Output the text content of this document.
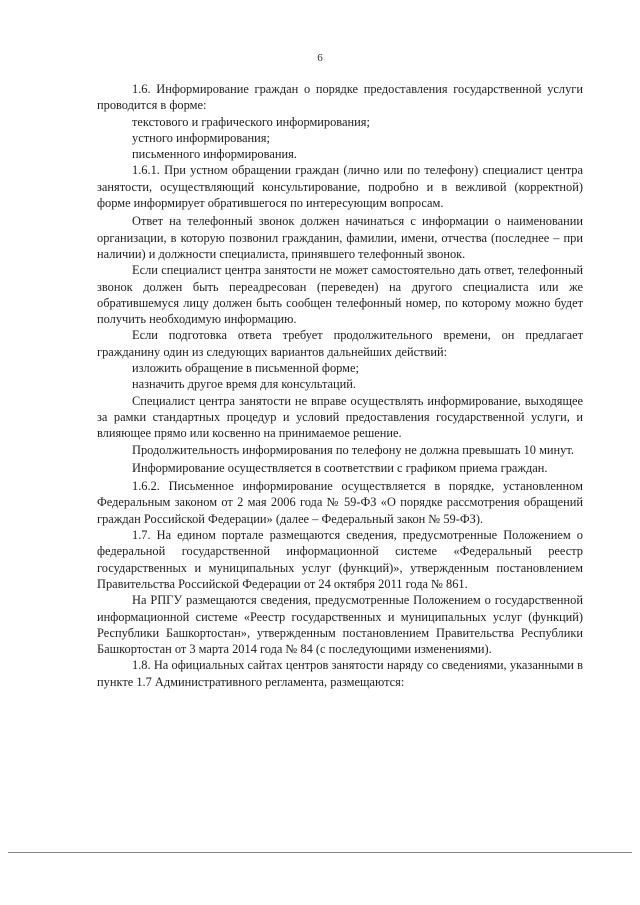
6

1.6. Информирование граждан о порядке предоставления государственной услуги проводится в форме:

текстового и графического информирования;

устного информирования;

письменного информирования.

1.6.1. При устном обращении граждан (лично или по телефону) специалист центра занятости, осуществляющий консультирование, подробно и в вежливой (корректной) форме информирует обратившегося по интересующим вопросам.

Ответ на телефонный звонок должен начинаться с информации о наименовании организации, в которую позвонил гражданин, фамилии, имени, отчества (последнее – при наличии) и должности специалиста, принявшего телефонный звонок.

Если специалист центра занятости не может самостоятельно дать ответ, телефонный звонок должен быть переадресован (переведен) на другого специалиста или же обратившемуся лицу должен быть сообщен телефонный номер, по которому можно будет получить необходимую информацию.

Если подготовка ответа требует продолжительного времени, он предлагает гражданину один из следующих вариантов дальнейших действий:

изложить обращение в письменной форме;

назначить другое время для консультаций.

Специалист центра занятости не вправе осуществлять информирование, выходящее за рамки стандартных процедур и условий предоставления государственной услуги, и влияющее прямо или косвенно на принимаемое решение.

Продолжительность информирования по телефону не должна превышать 10 минут.

Информирование осуществляется в соответствии с графиком приема граждан.

1.6.2. Письменное информирование осуществляется в порядке, установленном Федеральным законом от 2 мая 2006 года № 59-ФЗ «О порядке рассмотрения обращений граждан Российской Федерации» (далее – Федеральный закон № 59-ФЗ).

1.7. На едином портале размещаются сведения, предусмотренные Положением о федеральной государственной информационной системе «Федеральный реестр государственных и муниципальных услуг (функций)», утвержденным постановлением Правительства Российской Федерации от 24 октября 2011 года № 861.

На РПГУ размещаются сведения, предусмотренные Положением о государственной информационной системе «Реестр государственных и муниципальных услуг (функций) Республики Башкортостан», утвержденным постановлением Правительства Республики Башкортостан от 3 марта 2014 года № 84 (с последующими изменениями).

1.8. На официальных сайтах центров занятости наряду со сведениями, указанными в пункте 1.7 Административного регламента, размещаются:
